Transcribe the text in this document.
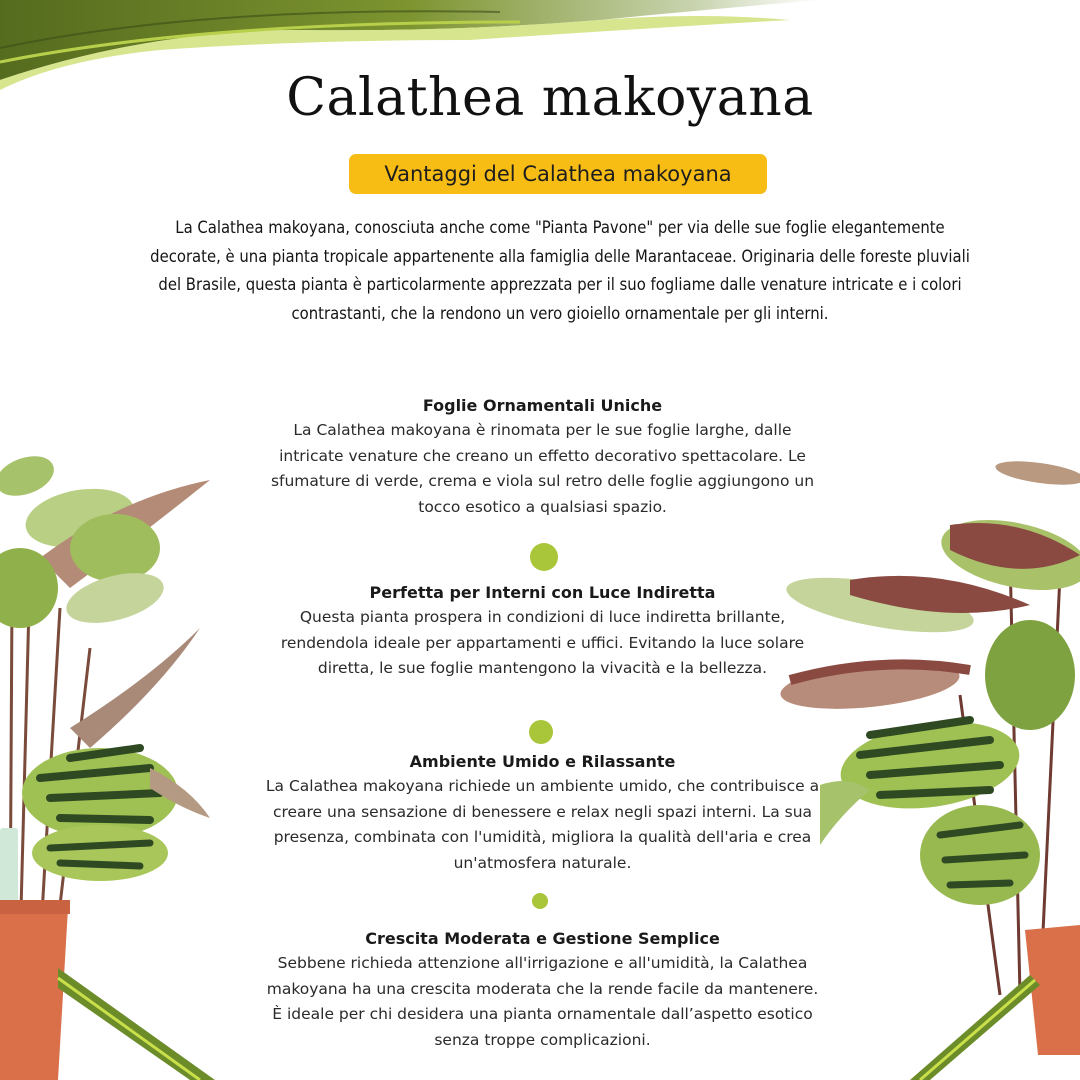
Calathea makoyana
Vantaggi del Calathea makoyana

La Calathea makoyana, conosciuta anche come "Pianta Pavone" per via delle sue foglie elegantemente decorate, è una pianta tropicale appartenente alla famiglia delle Marantaceae. Originaria delle foreste pluviali del Brasile, questa pianta è particolarmente apprezzata per il suo fogliame dalle venature intricate e i colori contrastanti, che la rendono un vero gioiello ornamentale per gli interni.

Foglie Ornamentali Uniche

La Calathea makoyana è rinomata per le sue foglie larghe, dalle intricate venature che creano un effetto decorativo spettacolare. Le sfumature di verde, crema e viola sul retro delle foglie aggiungono un tocco esotico a qualsiasi spazio.

Perfetta per Interni con Luce Indiretta

Questa pianta prospera in condizioni di luce indiretta brillante, rendendola ideale per appartamenti e uffici. Evitando la luce solare diretta, le sue foglie mantengono la vivacità e la bellezza.

Ambiente Umido e Rilassante

La Calathea makoyana richiede un ambiente umido, che contribuisce a creare una sensazione di benessere e relax negli spazi interni. La sua presenza, combinata con l'umidità, migliora la qualità dell'aria e crea un'atmosfera naturale.

Crescita Moderata e Gestione Semplice

Sebbene richieda attenzione all'irrigazione e all'umidità, la Calathea makoyana ha una crescita moderata che la rende facile da mantenere. È ideale per chi desidera una pianta ornamentale dall’aspetto esotico senza troppe complicazioni.
